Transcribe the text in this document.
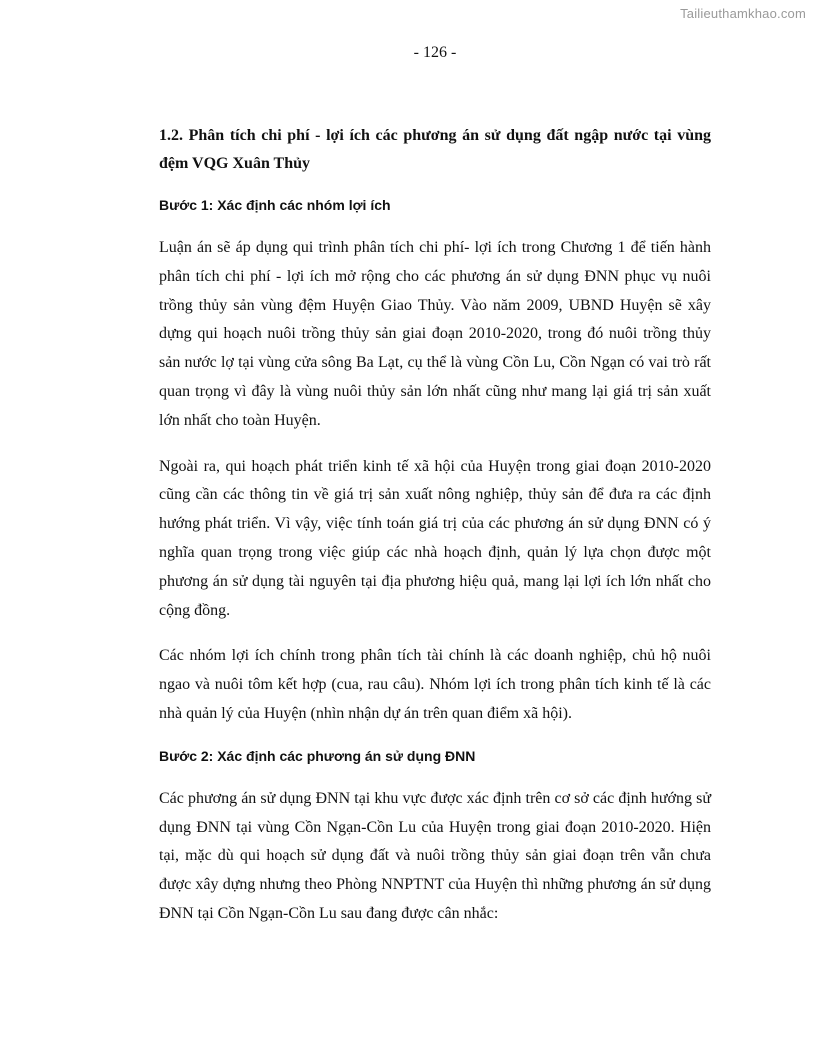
Tailieuthamkhao.com
- 126 -

1.2. Phân tích chi phí - lợi ích các phương án sử dụng đất ngập nước tại vùng đệm VQG Xuân Thủy

Bước 1: Xác định các nhóm lợi ích

Luận án sẽ áp dụng qui trình phân tích chi phí- lợi ích trong Chương 1 để tiến hành phân tích chi phí - lợi ích mở rộng cho các phương án sử dụng ĐNN phục vụ nuôi trồng thủy sản vùng đệm Huyện Giao Thủy. Vào năm 2009, UBND Huyện sẽ xây dựng qui hoạch nuôi trồng thủy sản giai đoạn 2010-2020, trong đó nuôi trồng thủy sản nước lợ tại vùng cửa sông Ba Lạt, cụ thể là vùng Cồn Lu, Cồn Ngạn có vai trò rất quan trọng vì đây là vùng nuôi thủy sản lớn nhất cũng như mang lại giá trị sản xuất lớn nhất cho toàn Huyện.

Ngoài ra, qui hoạch phát triển kinh tế xã hội của Huyện trong giai đoạn 2010-2020 cũng cần các thông tin về giá trị sản xuất nông nghiệp, thủy sản để đưa ra các định hướng phát triển. Vì vậy, việc tính toán giá trị của các phương án sử dụng ĐNN có ý nghĩa quan trọng trong việc giúp các nhà hoạch định, quản lý lựa chọn được một phương án sử dụng tài nguyên tại địa phương hiệu quả, mang lại lợi ích lớn nhất cho cộng đồng.

Các nhóm lợi ích chính trong phân tích tài chính là các doanh nghiệp, chủ hộ nuôi ngao và nuôi tôm kết hợp (cua, rau câu). Nhóm lợi ích trong phân tích kinh tế là các nhà quản lý của Huyện (nhìn nhận dự án trên quan điểm xã hội).

Bước 2: Xác định các phương án sử dụng ĐNN

Các phương án sử dụng ĐNN tại khu vực được xác định trên cơ sở các định hướng sử dụng ĐNN tại vùng Cồn Ngạn-Cồn Lu của Huyện trong giai đoạn 2010-2020. Hiện tại, mặc dù qui hoạch sử dụng đất và nuôi trồng thủy sản giai đoạn trên vẫn chưa được xây dựng nhưng theo Phòng NNPTNT của Huyện thì những phương án sử dụng ĐNN tại Cồn Ngạn-Cồn Lu sau đang được cân nhắc:
